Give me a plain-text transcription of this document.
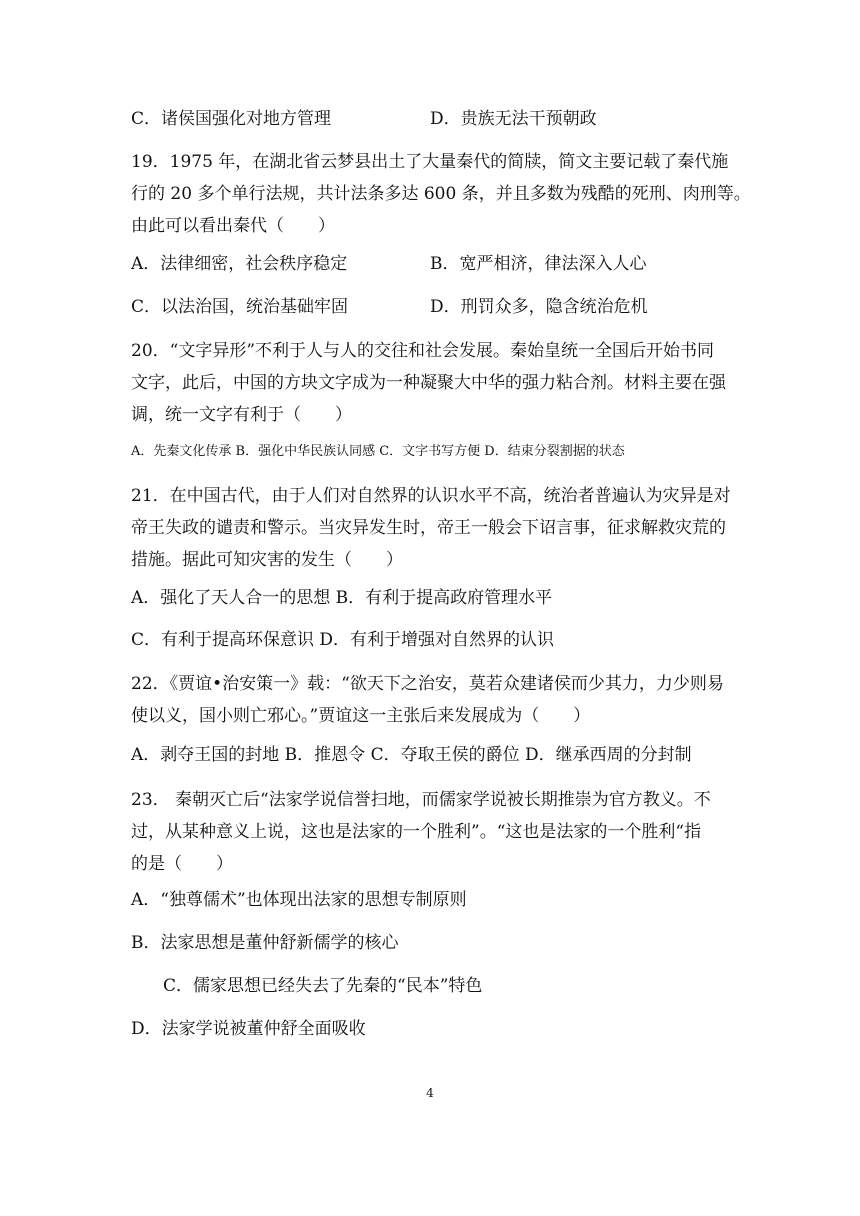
C．诸侯国强化对地方管理	D．贵族无法干预朝政
19．1975 年，在湖北省云梦县出土了大量秦代的简牍，简文主要记载了秦代施
行的 20 多个单行法规，共计法条多达 600 条，并且多数为残酷的死刑、肉刑等。
由此可以看出秦代（　　）
A．法律细密，社会秩序稳定	B．宽严相济，律法深入人心
C．以法治国，统治基础牢固	D．刑罚众多，隐含统治危机
20．“文字异形”不利于人与人的交往和社会发展。秦始皇统一全国后开始书同
文字，此后，中国的方块文字成为一种凝聚大中华的强力粘合剂。材料主要在强
调，统一文字有利于（　　）
A．先秦文化传承 B．强化中华民族认同感 C．文字书写方便 D．结束分裂割据的状态
21．在中国古代，由于人们对自然界的认识水平不高，统治者普遍认为灾异是对
帝王失政的谴责和警示。当灾异发生时，帝王一般会下诏言事，征求解救灾荒的
措施。据此可知灾害的发生（　　）
A．强化了天人合一的思想 B．有利于提高政府管理水平
C．有利于提高环保意识 D．有利于增强对自然界的认识
22．《贾谊•治安策一》载：“欲天下之治安，莫若众建诸侯而少其力，力少则易
使以义，国小则亡邪心。”贾谊这一主张后来发展成为（　　）
A．剥夺王国的封地 B．推恩令 C．夺取王侯的爵位 D．继承西周的分封制
23． 秦朝灭亡后“法家学说信誉扫地，而儒家学说被长期推崇为官方教义。不
过，从某种意义上说，这也是法家的一个胜利”。“这也是法家的一个胜利“指
的是（　　）
A．“独尊儒术”也体现出法家的思想专制原则
B．法家思想是董仲舒新儒学的核心
C．儒家思想已经失去了先秦的“民本”特色
D．法家学说被董仲舒全面吸收
4
